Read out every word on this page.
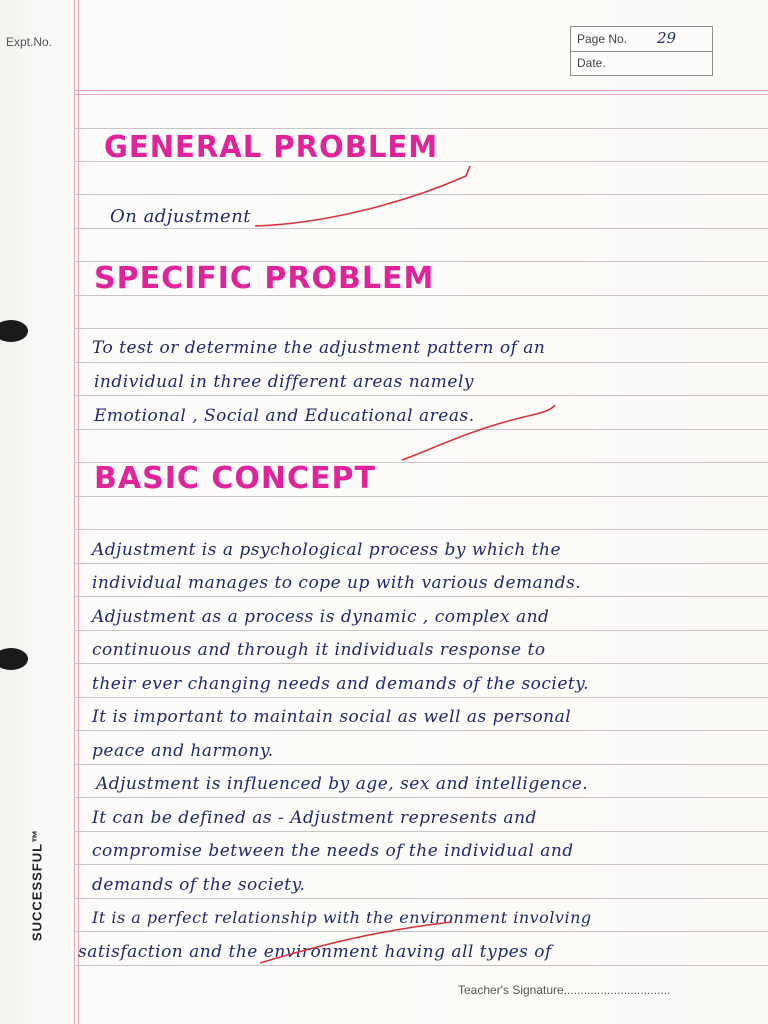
Expt.No.	Page No. 29
Date.
GENERAL PROBLEM
On adjustment
SPECIFIC PROBLEM
To test or determine the adjustment pattern of an
individual in three different areas namely
Emotional , Social and Educational areas.
BASIC CONCEPT
Adjustment is a psychological process by which the
individual manages to cope up with various demands.
Adjustment as a process is dynamic , complex and
continuous and through it individuals response to
their ever changing needs and demands of the society.
It is important to maintain social as well as personal
peace and harmony.
Adjustment is influenced by age, sex and intelligence.
It can be defined as - Adjustment represents and
compromise between the needs of the individual and
demands of the society.
It is a perfect relationship with the environment involving
satisfaction and the environment having all types of
SUCCESSFUL™
Teacher's Signature................................
